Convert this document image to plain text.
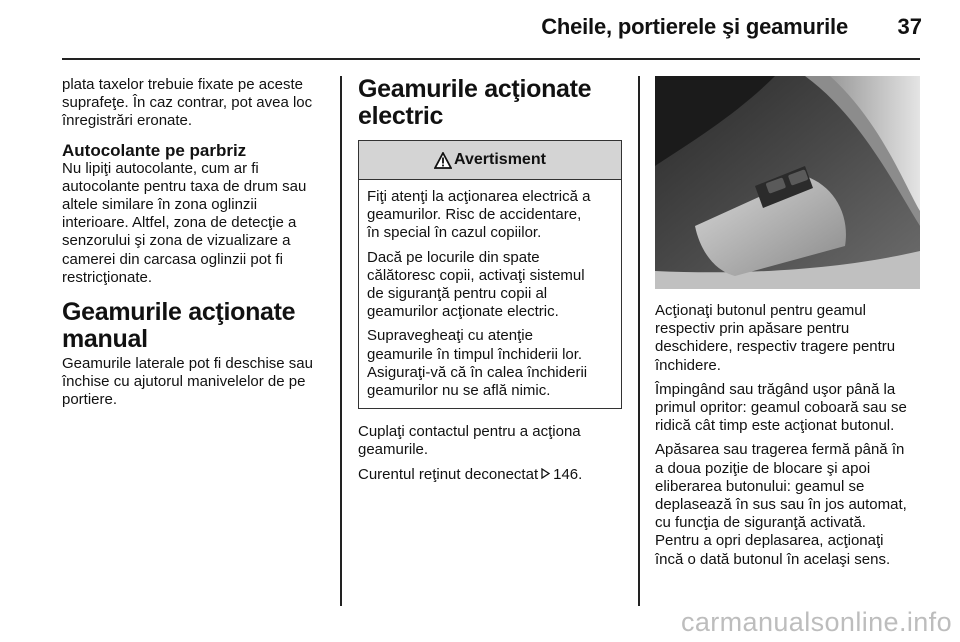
Cheile, portierele şi geamurile 37

plata taxelor trebuie fixate pe aceste
suprafeţe. În caz contrar, pot avea loc
înregistrări eronate.

Autocolante pe parbriz

Nu lipiţi autocolante, cum ar fi
autocolante pentru taxa de drum sau
altele similare în zona oglinzii
interioare. Altfel, zona de detecţie a
senzorului şi zona de vizualizare a
camerei din carcasa oglinzii pot fi
restricţionate.

Geamurile acţionate
manual

Geamurile laterale pot fi deschise sau
închise cu ajutorul manivelelor de pe
portiere.

Geamurile acţionate
electric
Avertisment

Fiţi atenţi la acţionarea electrică a
geamurilor. Risc de accidentare,
în special în cazul copiilor.

Dacă pe locurile din spate
călătoresc copii, activaţi sistemul
de siguranţă pentru copii al
geamurilor acţionate electric.

Supravegheaţi cu atenţie
geamurile în timpul închiderii lor.
Asiguraţi-vă că în calea închiderii
geamurilor nu se află nimic.

Cuplaţi contactul pentru a acţiona
geamurile.

Curentul reţinut deconectat 146.

Acţionaţi butonul pentru geamul
respectiv prin apăsare pentru
deschidere, respectiv tragere pentru
închidere.

Împingând sau trăgând uşor până la
primul opritor: geamul coboară sau se
ridică cât timp este acţionat butonul.

Apăsarea sau tragerea fermă până în
a doua poziţie de blocare şi apoi
eliberarea butonului: geamul se
deplasează în sus sau în jos automat,
cu funcţia de siguranţă activată.
Pentru a opri deplasarea, acţionaţi
încă o dată butonul în acelaşi sens.

carmanualsonline.info
